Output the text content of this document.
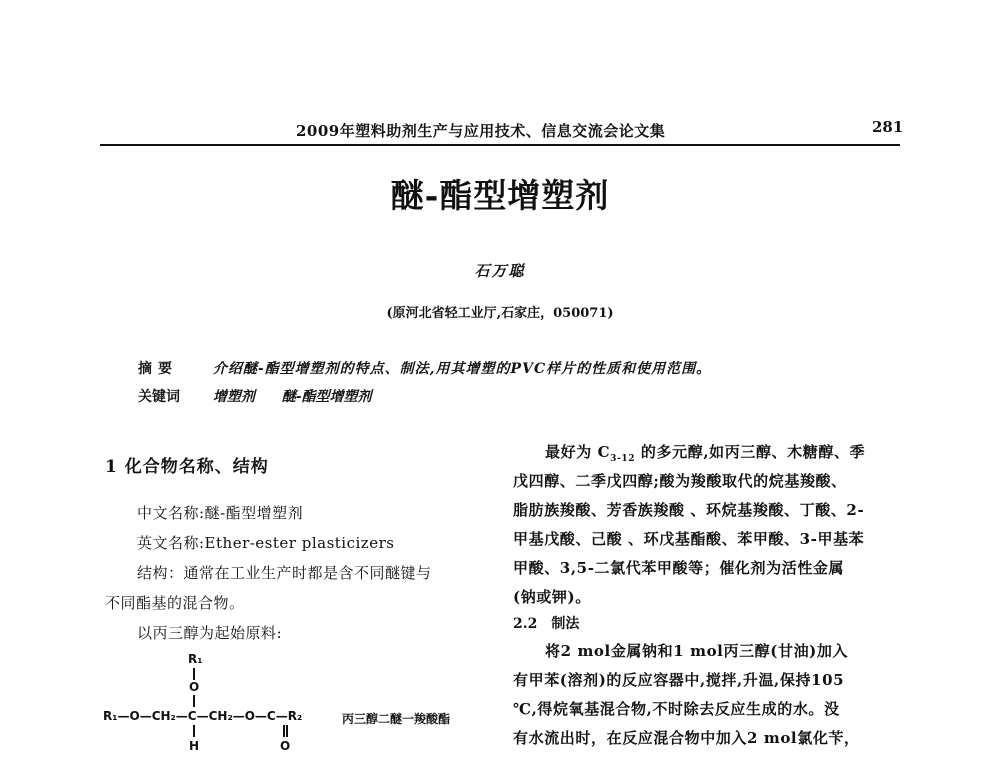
2009年塑料助剂生产与应用技术、信息交流会论文集	281
醚-酯型增塑剂
石万聪
(原河北省轻工业厅,石家庄，050071)
摘要 介绍醚-酯型增塑剂的特点、制法,用其增塑的PVC样片的性质和使用范围。
关键词 增塑剂 醚-酯型增塑剂
1 化合物名称、结构
中文名称:醚-酯型增塑剂
英文名称:Ether-ester plasticizers
结构：通常在工业生产时都是含不同醚键与
不同酯基的混合物。
以丙三醇为起始原料:
R₁
O
R₁—O—CH₂—C—CH₂—O—C—R₂
H	O
丙三醇二醚一羧酸酯
最好为 $C_{3-12}$ 的多元醇,如丙三醇、木糖醇、季
戊四醇、二季戊四醇;酸为羧酸取代的烷基羧酸、
脂肪族羧酸、芳香族羧酸 、环烷基羧酸、丁酸、2-
甲基戊酸、己酸 、环戊基酯酸、苯甲酸、3-甲基苯
甲酸、3,5-二氯代苯甲酸等；催化剂为活性金属
(钠或钾)。
2.2　制法
将2 mol金属钠和1 mol丙三醇(甘油)加入
有甲苯(溶剂)的反应容器中,搅拌,升温,保持105
℃,得烷氧基混合物,不时除去反应生成的水。没
有水流出时，在反应混合物中加入2 mol氯化苄，
